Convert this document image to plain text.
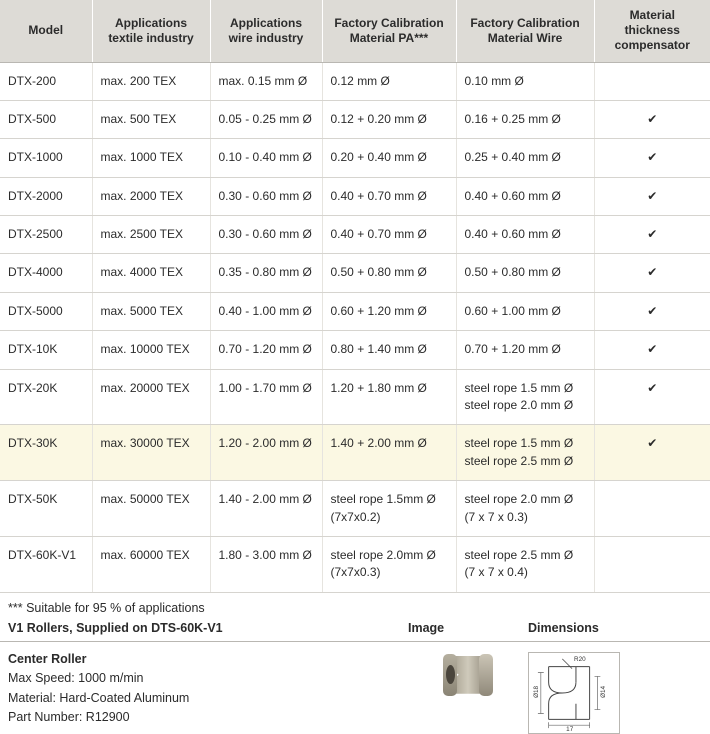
Model	Applications textile industry	Applications wire industry	Factory Calibration Material PA***	Factory Calibration Material Wire	Material thickness compensator
DTX-200	max. 200 TEX	max. 0.15 mm Ø	0.12 mm Ø	0.10 mm Ø	
DTX-500	max. 500 TEX	0.05 - 0.25 mm Ø	0.12 + 0.20 mm Ø	0.16 + 0.25 mm Ø	✔
DTX-1000	max. 1000 TEX	0.10 - 0.40 mm Ø	0.20 + 0.40 mm Ø	0.25 + 0.40 mm Ø	✔
DTX-2000	max. 2000 TEX	0.30 - 0.60 mm Ø	0.40 + 0.70 mm Ø	0.40 + 0.60 mm Ø	✔
DTX-2500	max. 2500 TEX	0.30 - 0.60 mm Ø	0.40 + 0.70 mm Ø	0.40 + 0.60 mm Ø	✔
DTX-4000	max. 4000 TEX	0.35 - 0.80 mm Ø	0.50 + 0.80 mm Ø	0.50 + 0.80 mm Ø	✔
DTX-5000	max. 5000 TEX	0.40 - 1.00 mm Ø	0.60 + 1.20 mm Ø	0.60 + 1.00 mm Ø	✔
DTX-10K	max. 10000 TEX	0.70 - 1.20 mm Ø	0.80 + 1.40 mm Ø	0.70 + 1.20 mm Ø	✔
DTX-20K	max. 20000 TEX	1.00 - 1.70 mm Ø	1.20 + 1.80 mm Ø	steel rope 1.5 mm Ø
steel rope 2.0 mm Ø	✔
DTX-30K	max. 30000 TEX	1.20 - 2.00 mm Ø	1.40 + 2.00 mm Ø	steel rope 1.5 mm Ø
steel rope 2.5 mm Ø	✔
DTX-50K	max. 50000 TEX	1.40 - 2.00 mm Ø	steel rope 1.5mm Ø
(7x7x0.2)	steel rope 2.0 mm Ø
(7 x 7 x 0.3)	
DTX-60K-V1	max. 60000 TEX	1.80 - 3.00 mm Ø	steel rope 2.0mm Ø
(7x7x0.3)	steel rope 2.5 mm Ø
(7 x 7 x 0.4)	
*** Suitable for 95 % of applications
V1 Rollers, Supplied on DTS-60K-V1	Image	Dimensions
Center Roller
Max Speed: 1000 m/min
Material: Hard-Coated Aluminum
Part Number: R12900
R20
Ø18	Ø14
17
